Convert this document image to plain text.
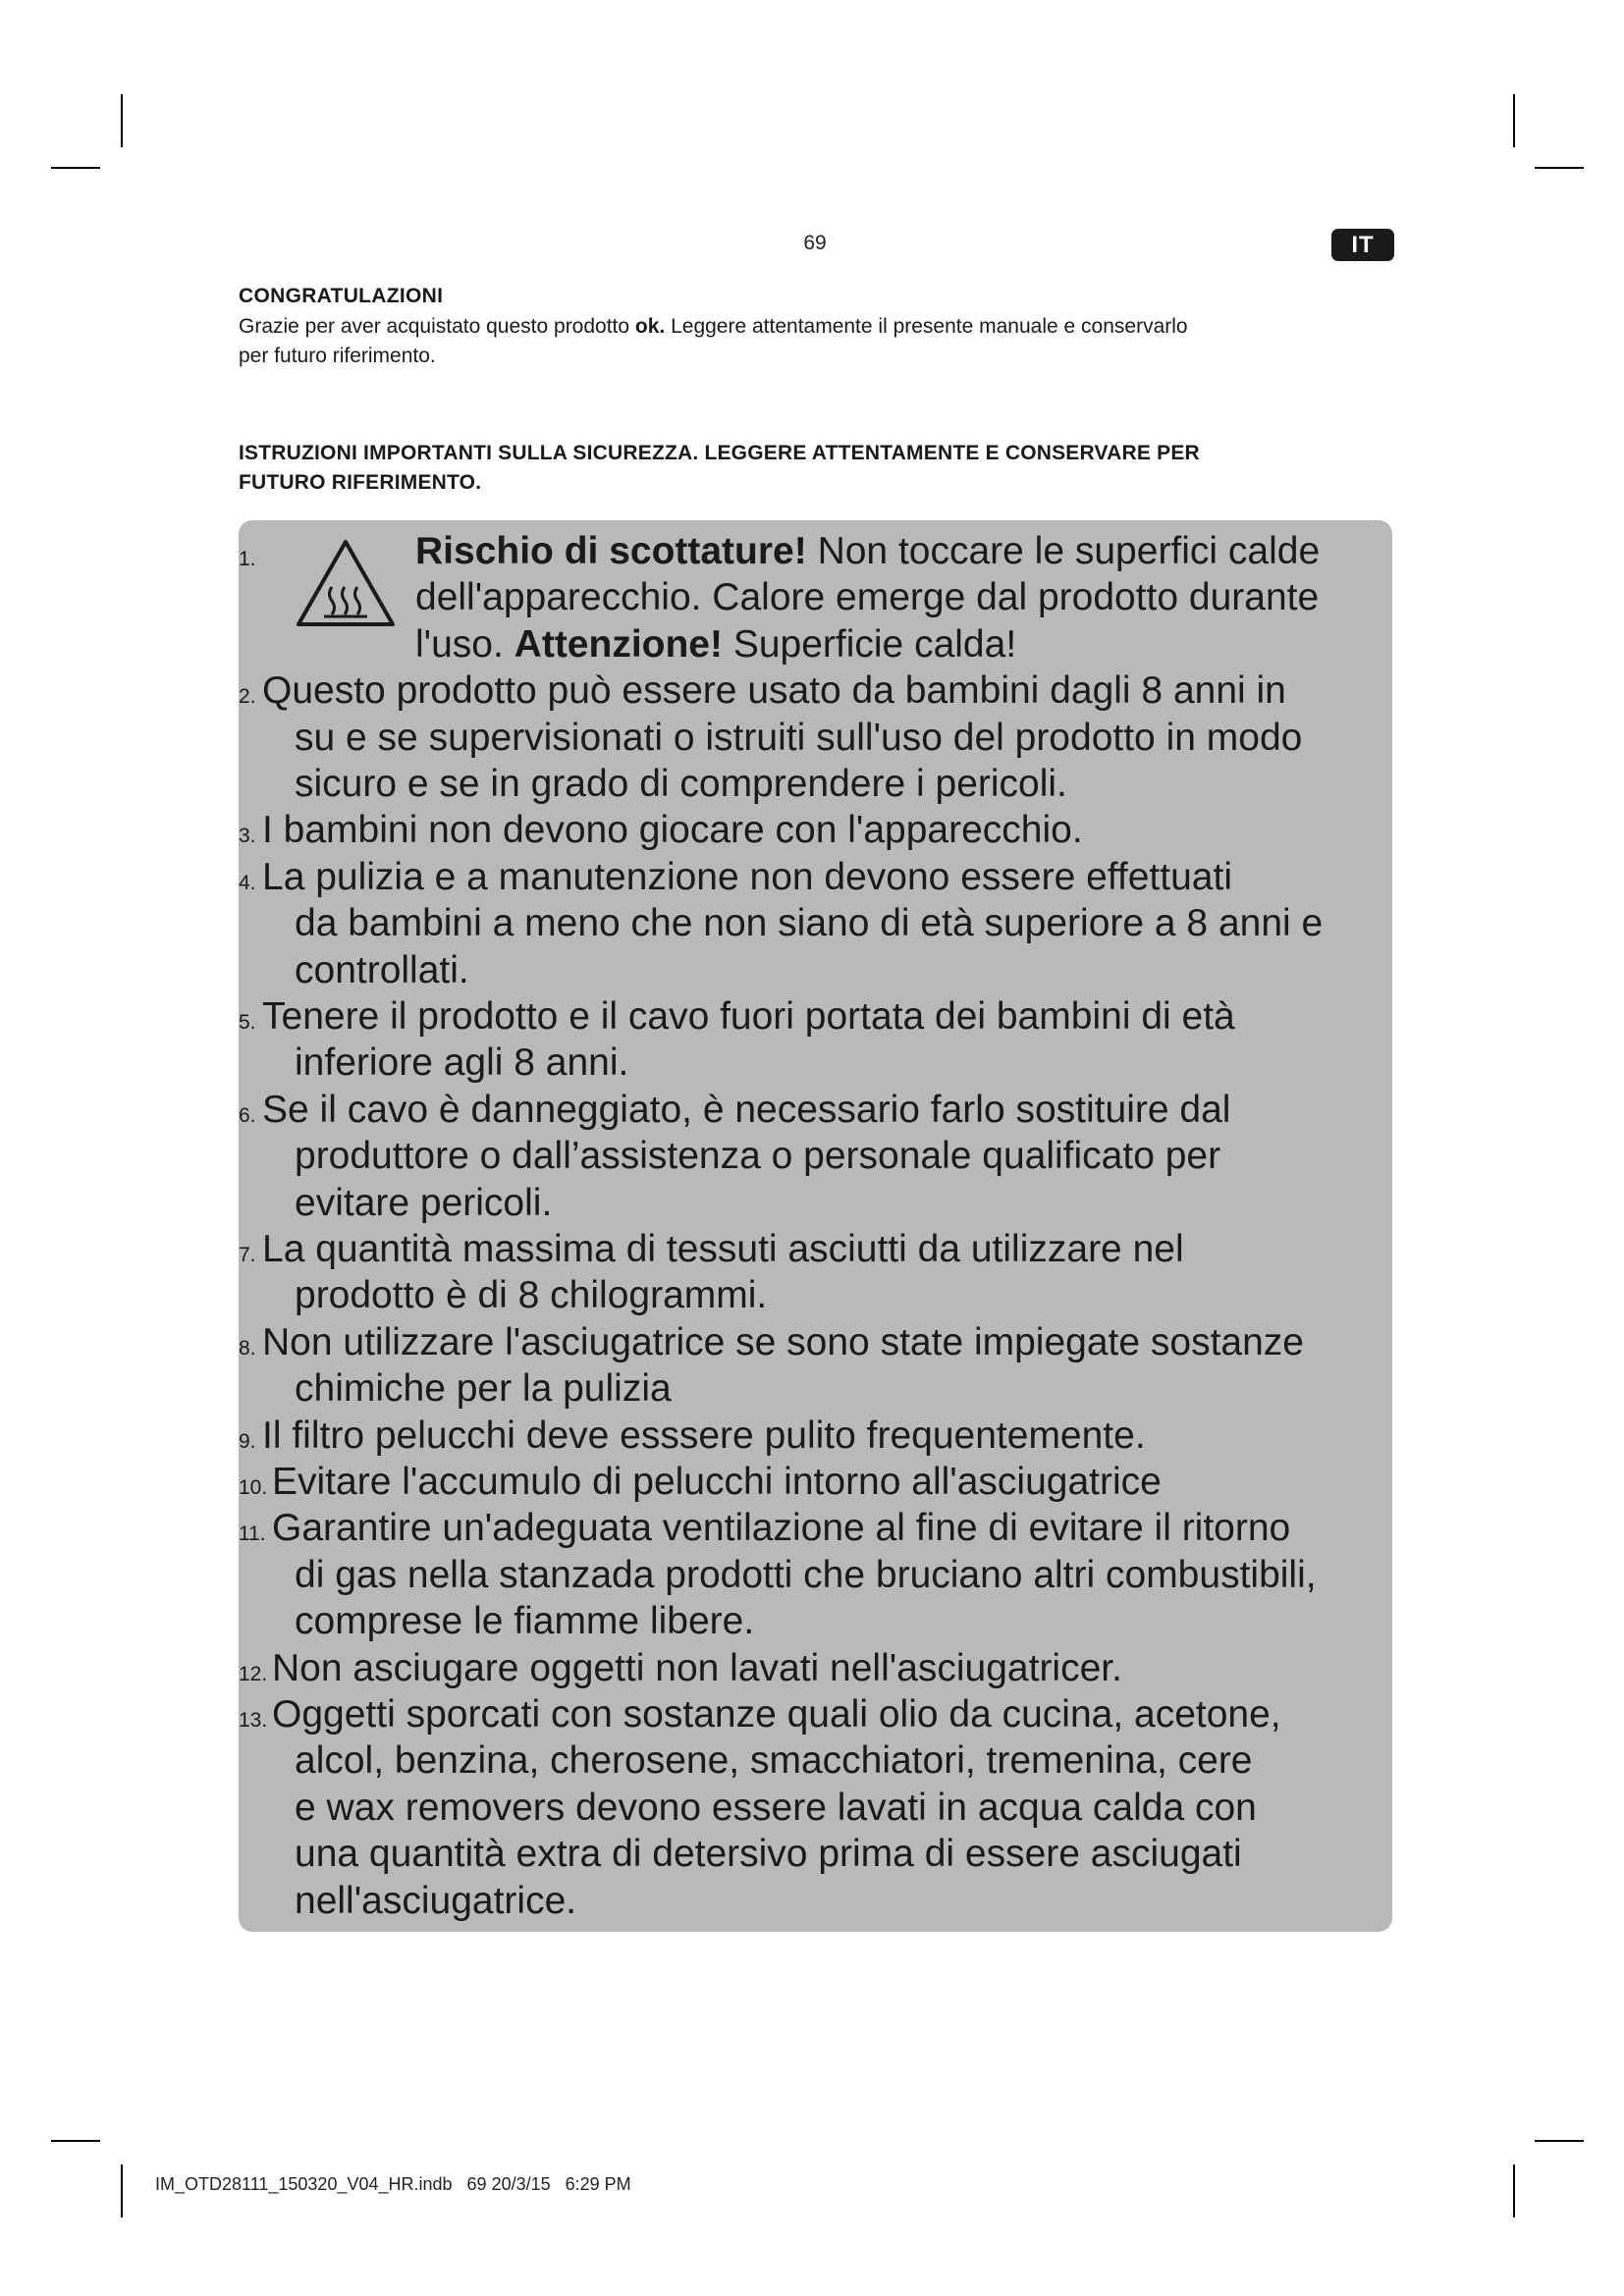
69	IT
CONGRATULAZIONI
Grazie per aver acquistato questo prodotto ok. Leggere attentamente il presente manuale e conservarlo
per futuro riferimento.
ISTRUZIONI IMPORTANTI SULLA SICUREZZA. LEGGERE ATTENTAMENTE E CONSERVARE PER
FUTURO RIFERIMENTO.
1.	Rischio di scottature! Non toccare le superfici calde
dell'apparecchio. Calore emerge dal prodotto durante
l'uso. Attenzione! Superficie calda!
2. Questo prodotto può essere usato da bambini dagli 8 anni in
su e se supervisionati o istruiti sull'uso del prodotto in modo
sicuro e se in grado di comprendere i pericoli.
3. I bambini non devono giocare con l'apparecchio.
4. La pulizia e a manutenzione non devono essere effettuati
da bambini a meno che non siano di età superiore a 8 anni e
controllati.
5. Tenere il prodotto e il cavo fuori portata dei bambini di età
inferiore agli 8 anni.
6. Se il cavo è danneggiato, è necessario farlo sostituire dal
produttore o dall’assistenza o personale qualificato per
evitare pericoli.
7. La quantità massima di tessuti asciutti da utilizzare nel
prodotto è di 8 chilogrammi.
8. Non utilizzare l'asciugatrice se sono state impiegate sostanze
chimiche per la pulizia
9. Il filtro pelucchi deve esssere pulito frequentemente.
10. Evitare l'accumulo di pelucchi intorno all'asciugatrice
11. Garantire un'adeguata ventilazione al fine di evitare il ritorno
di gas nella stanzada prodotti che bruciano altri combustibili,
comprese le fiamme libere.
12. Non asciugare oggetti non lavati nell'asciugatricer.
13. Oggetti sporcati con sostanze quali olio da cucina, acetone,
alcol, benzina, cherosene, smacchiatori, tremenina, cere
e wax removers devono essere lavati in acqua calda con
una quantità extra di detersivo prima di essere asciugati
nell'asciugatrice.
IM_OTD28111_150320_V04_HR.indb   69 20/3/15   6:29 PM
